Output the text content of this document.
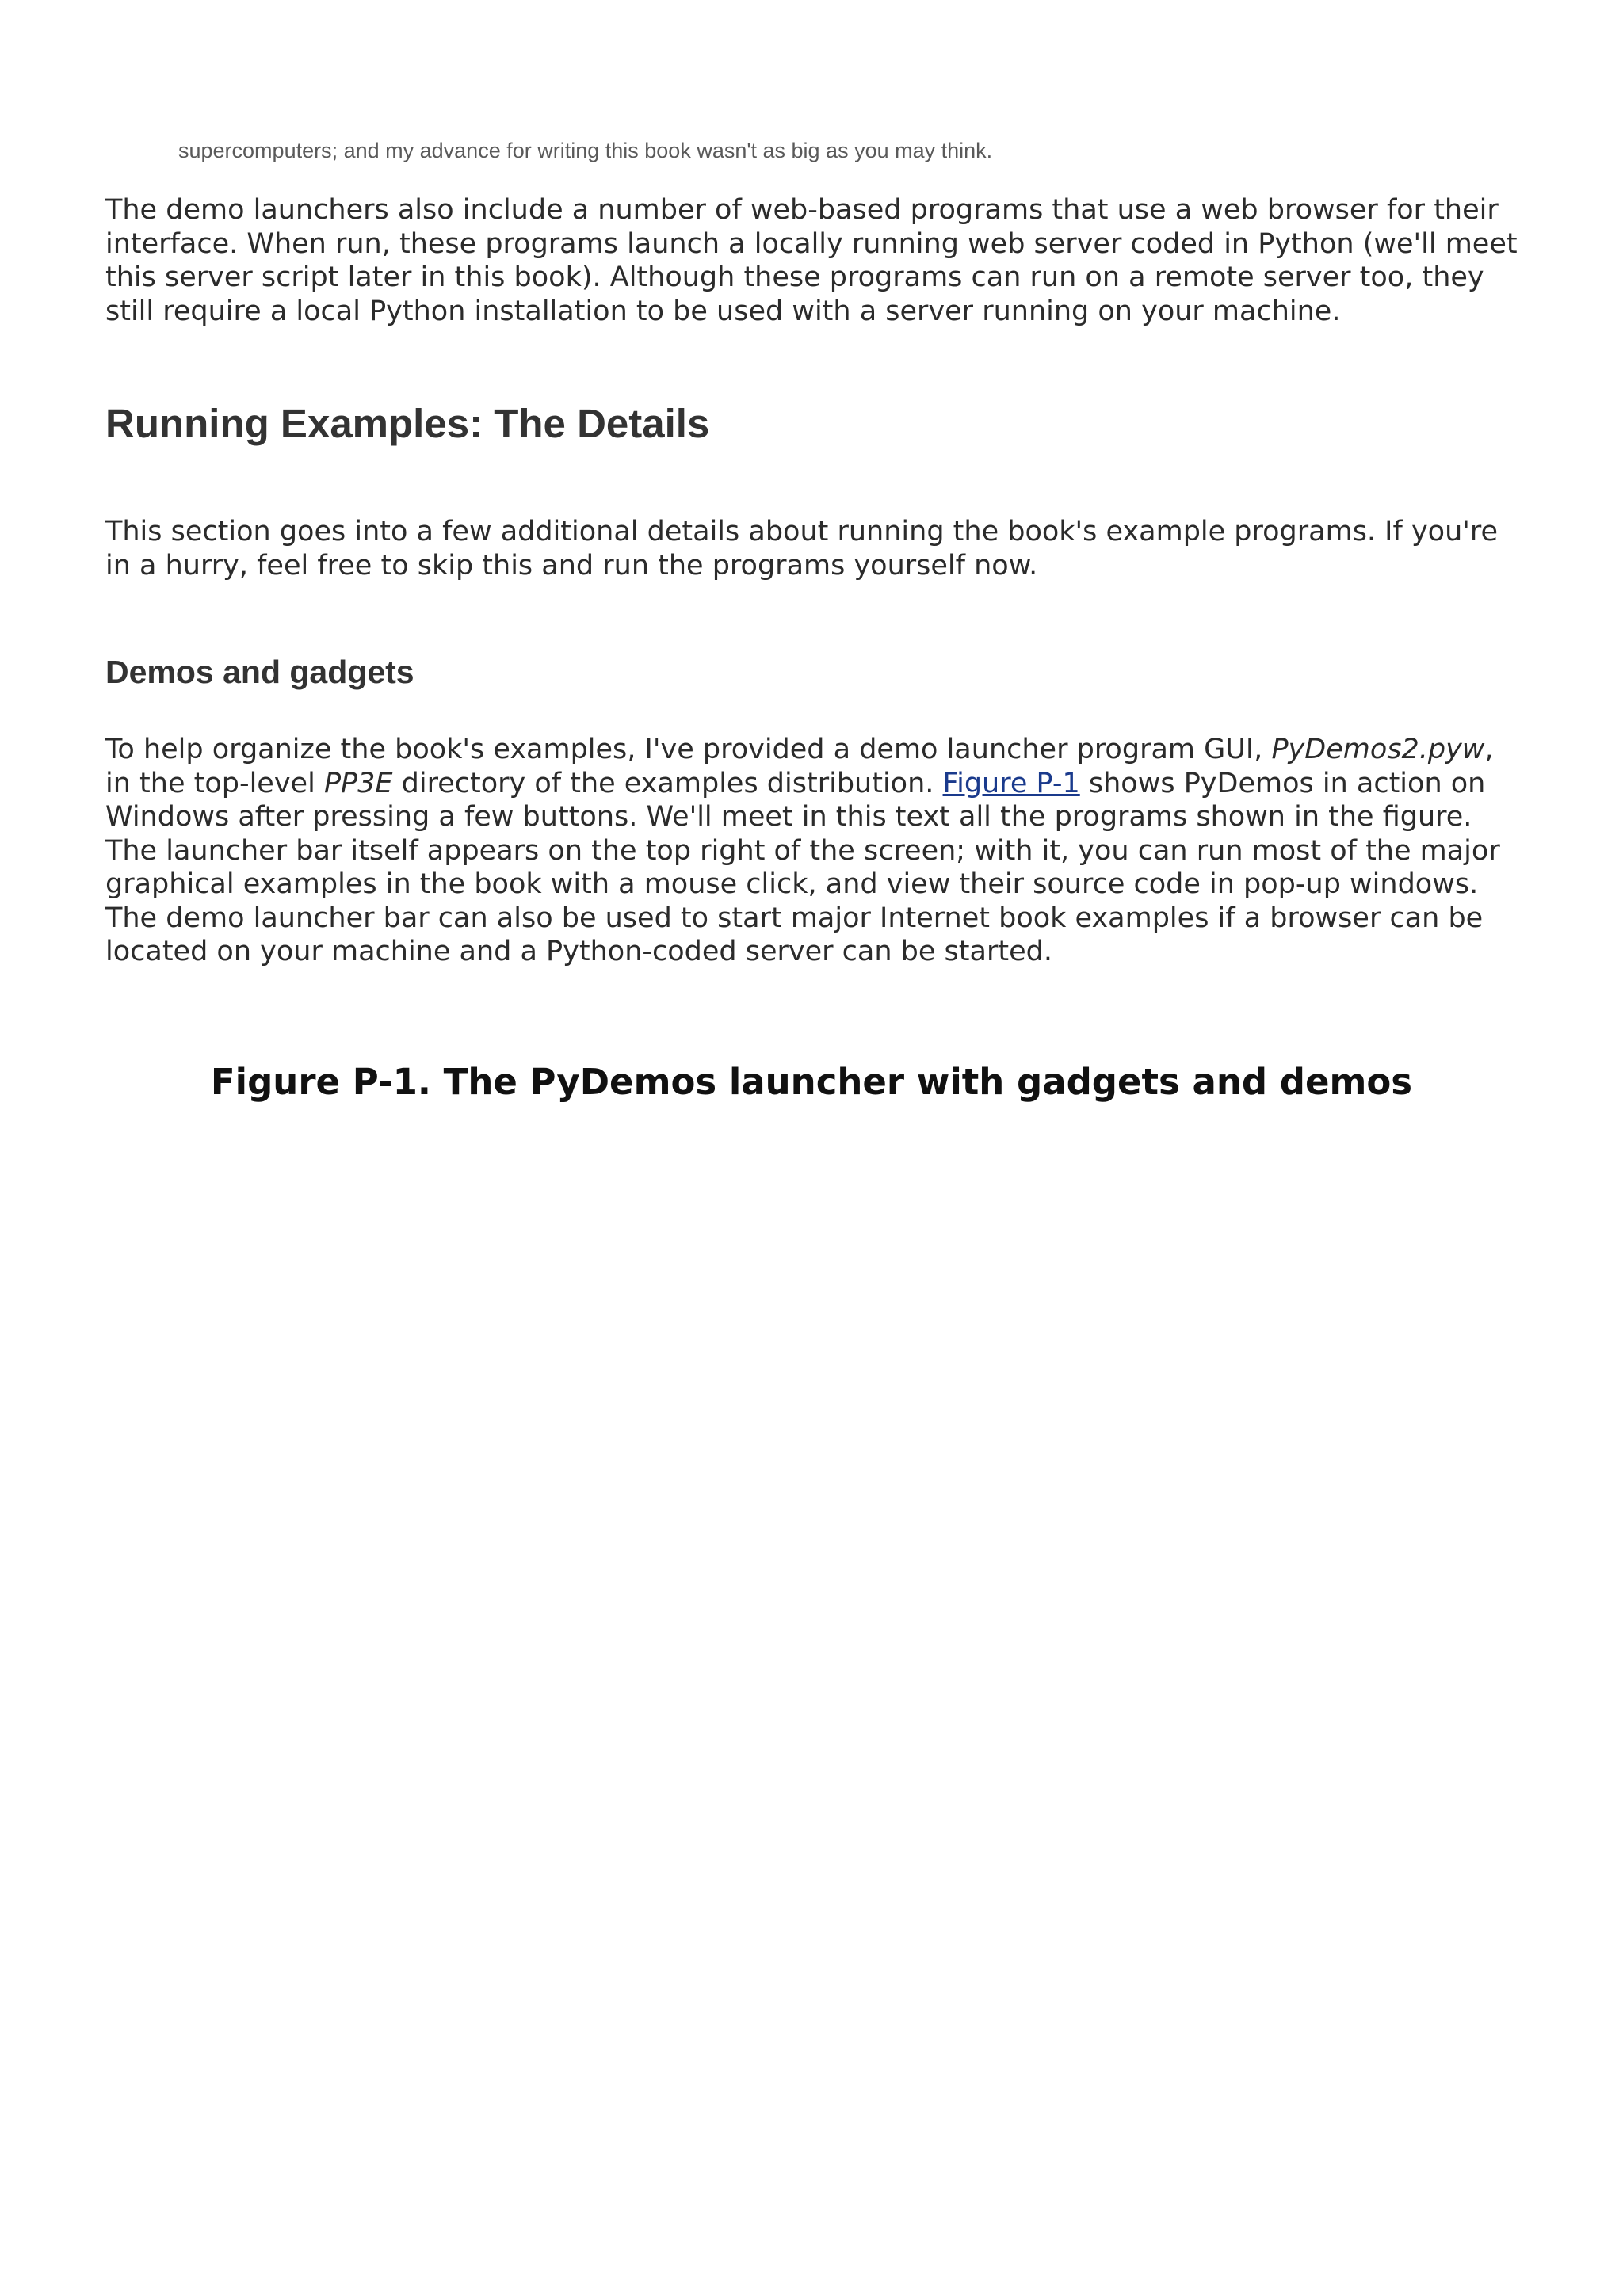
supercomputers; and my advance for writing this book wasn't as big as you may think.

The demo launchers also include a number of web-based programs that use a web browser for their interface. When run, these programs launch a locally running web server coded in Python (we'll meet this server script later in this book). Although these programs can run on a remote server too, they still require a local Python installation to be used with a server running on your machine.

Running Examples: The Details

This section goes into a few additional details about running the book's example programs. If you're in a hurry, feel free to skip this and run the programs yourself now.

Demos and gadgets

To help organize the book's examples, I've provided a demo launcher program GUI, PyDemos2.pyw, in the top-level PP3E directory of the examples distribution. Figure P-1 shows PyDemos in action on Windows after pressing a few buttons. We'll meet in this text all the programs shown in the figure. The launcher bar itself appears on the top right of the screen; with it, you can run most of the major graphical examples in the book with a mouse click, and view their source code in pop-up windows. The demo launcher bar can also be used to start major Internet book examples if a browser can be located on your machine and a Python-coded server can be started.

Figure P-1. The PyDemos launcher with gadgets and demos
